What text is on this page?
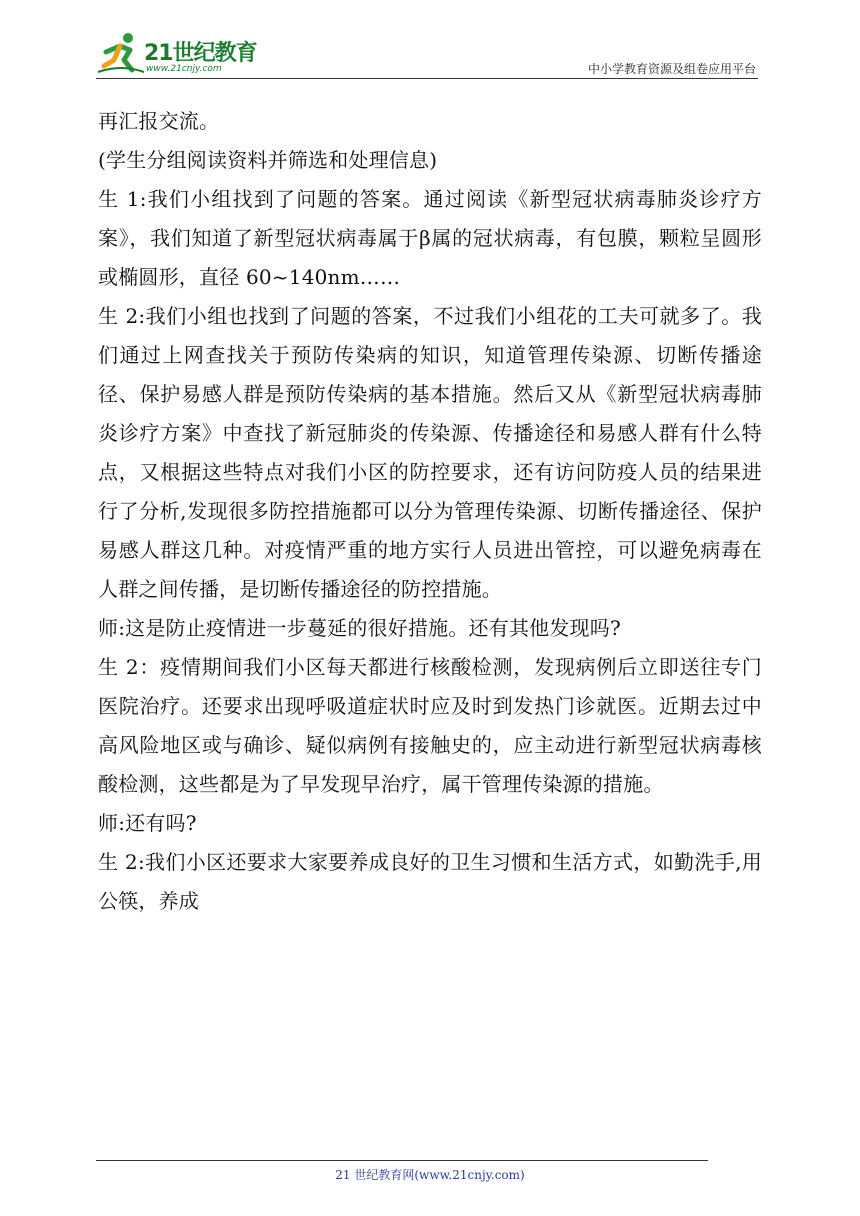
21世纪教育
www.21cnjy.com	中小学教育资源及组卷应用平台

再汇报交流。

(学生分组阅读资料并筛选和处理信息)

生 1:我们小组找到了问题的答案。通过阅读《新型冠状病毒肺炎诊疗方案》，我们知道了新型冠状病毒属于β属的冠状病毒，有包膜，颗粒呈圆形或椭圆形，直径 60~140nm……

生 2:我们小组也找到了问题的答案，不过我们小组花的工夫可就多了。我们通过上网查找关于预防传染病的知识，知道管理传染源、切断传播途径、保护易感人群是预防传染病的基本措施。然后又从《新型冠状病毒肺炎诊疗方案》中查找了新冠肺炎的传染源、传播途径和易感人群有什么特点，又根据这些特点对我们小区的防控要求，还有访问防疫人员的结果进行了分析,发现很多防控措施都可以分为管理传染源、切断传播途径、保护易感人群这几种。对疫情严重的地方实行人员进出管控，可以避免病毒在人群之间传播，是切断传播途径的防控措施。

师:这是防止疫情进一步蔓延的很好措施。还有其他发现吗?

生 2：疫情期间我们小区每天都进行核酸检测，发现病例后立即送往专门医院治疗。还要求出现呼吸道症状时应及时到发热门诊就医。近期去过中高风险地区或与确诊、疑似病例有接触史的，应主动进行新型冠状病毒核酸检测，这些都是为了早发现早治疗，属干管理传染源的措施。

师:还有吗?

生 2:我们小区还要求大家要养成良好的卫生习惯和生活方式，如勤洗手,用公筷，养成

21 世纪教育网(www.21cnjy.com)
